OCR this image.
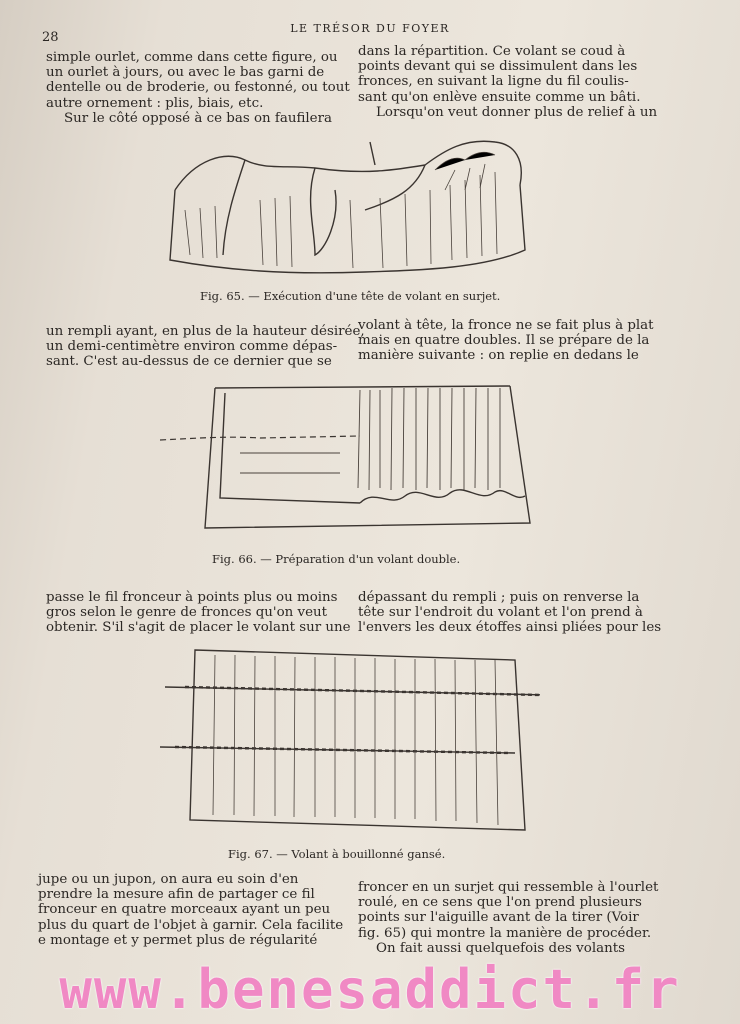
28
LE TRÉSOR DU FOYER

simple ourlet, comme dans cette figure, ou

un ourlet à jours, ou avec le bas garni de

dentelle ou de broderie, ou festonné, ou tout

autre ornement : plis, biais, etc.

Sur le côté opposé à ce bas on faufilera

dans la répartition. Ce volant se coud à

points devant qui se dissimulent dans les

fronces, en suivant la ligne du fil coulis-

sant qu'on enlève ensuite comme un bâti.

Lorsqu'on veut donner plus de relief à un

Fig. 65. — Exécution d'une tête de volant en surjet.

un rempli ayant, en plus de la hauteur désirée,

un demi-centimètre environ comme dépas-

sant. C'est au-dessus de ce dernier que se

volant à tête, la fronce ne se fait plus à plat

mais en quatre doubles. Il se prépare de la

manière suivante : on replie en dedans le

Fig. 66. — Préparation d'un volant double.

passe le fil fronceur à points plus ou moins

gros selon le genre de fronces qu'on veut

obtenir. S'il s'agit de placer le volant sur une

dépassant du rempli ; puis on renverse la

tête sur l'endroit du volant et l'on prend à

l'envers les deux étoffes ainsi pliées pour les

Fig. 67. — Volant à bouillonné gansé.

jupe ou un jupon, on aura eu soin d'en

prendre la mesure afin de partager ce fil

fronceur en quatre morceaux ayant un peu

plus du quart de l'objet à garnir. Cela facilite

e montage et y permet plus de régularité

froncer en un surjet qui ressemble à l'ourlet

roulé, en ce sens que l'on prend plusieurs

points sur l'aiguille avant de la tirer (Voir

fig. 65) qui montre la manière de procéder.

On fait aussi quelquefois des volants

www.benesaddict.fr
